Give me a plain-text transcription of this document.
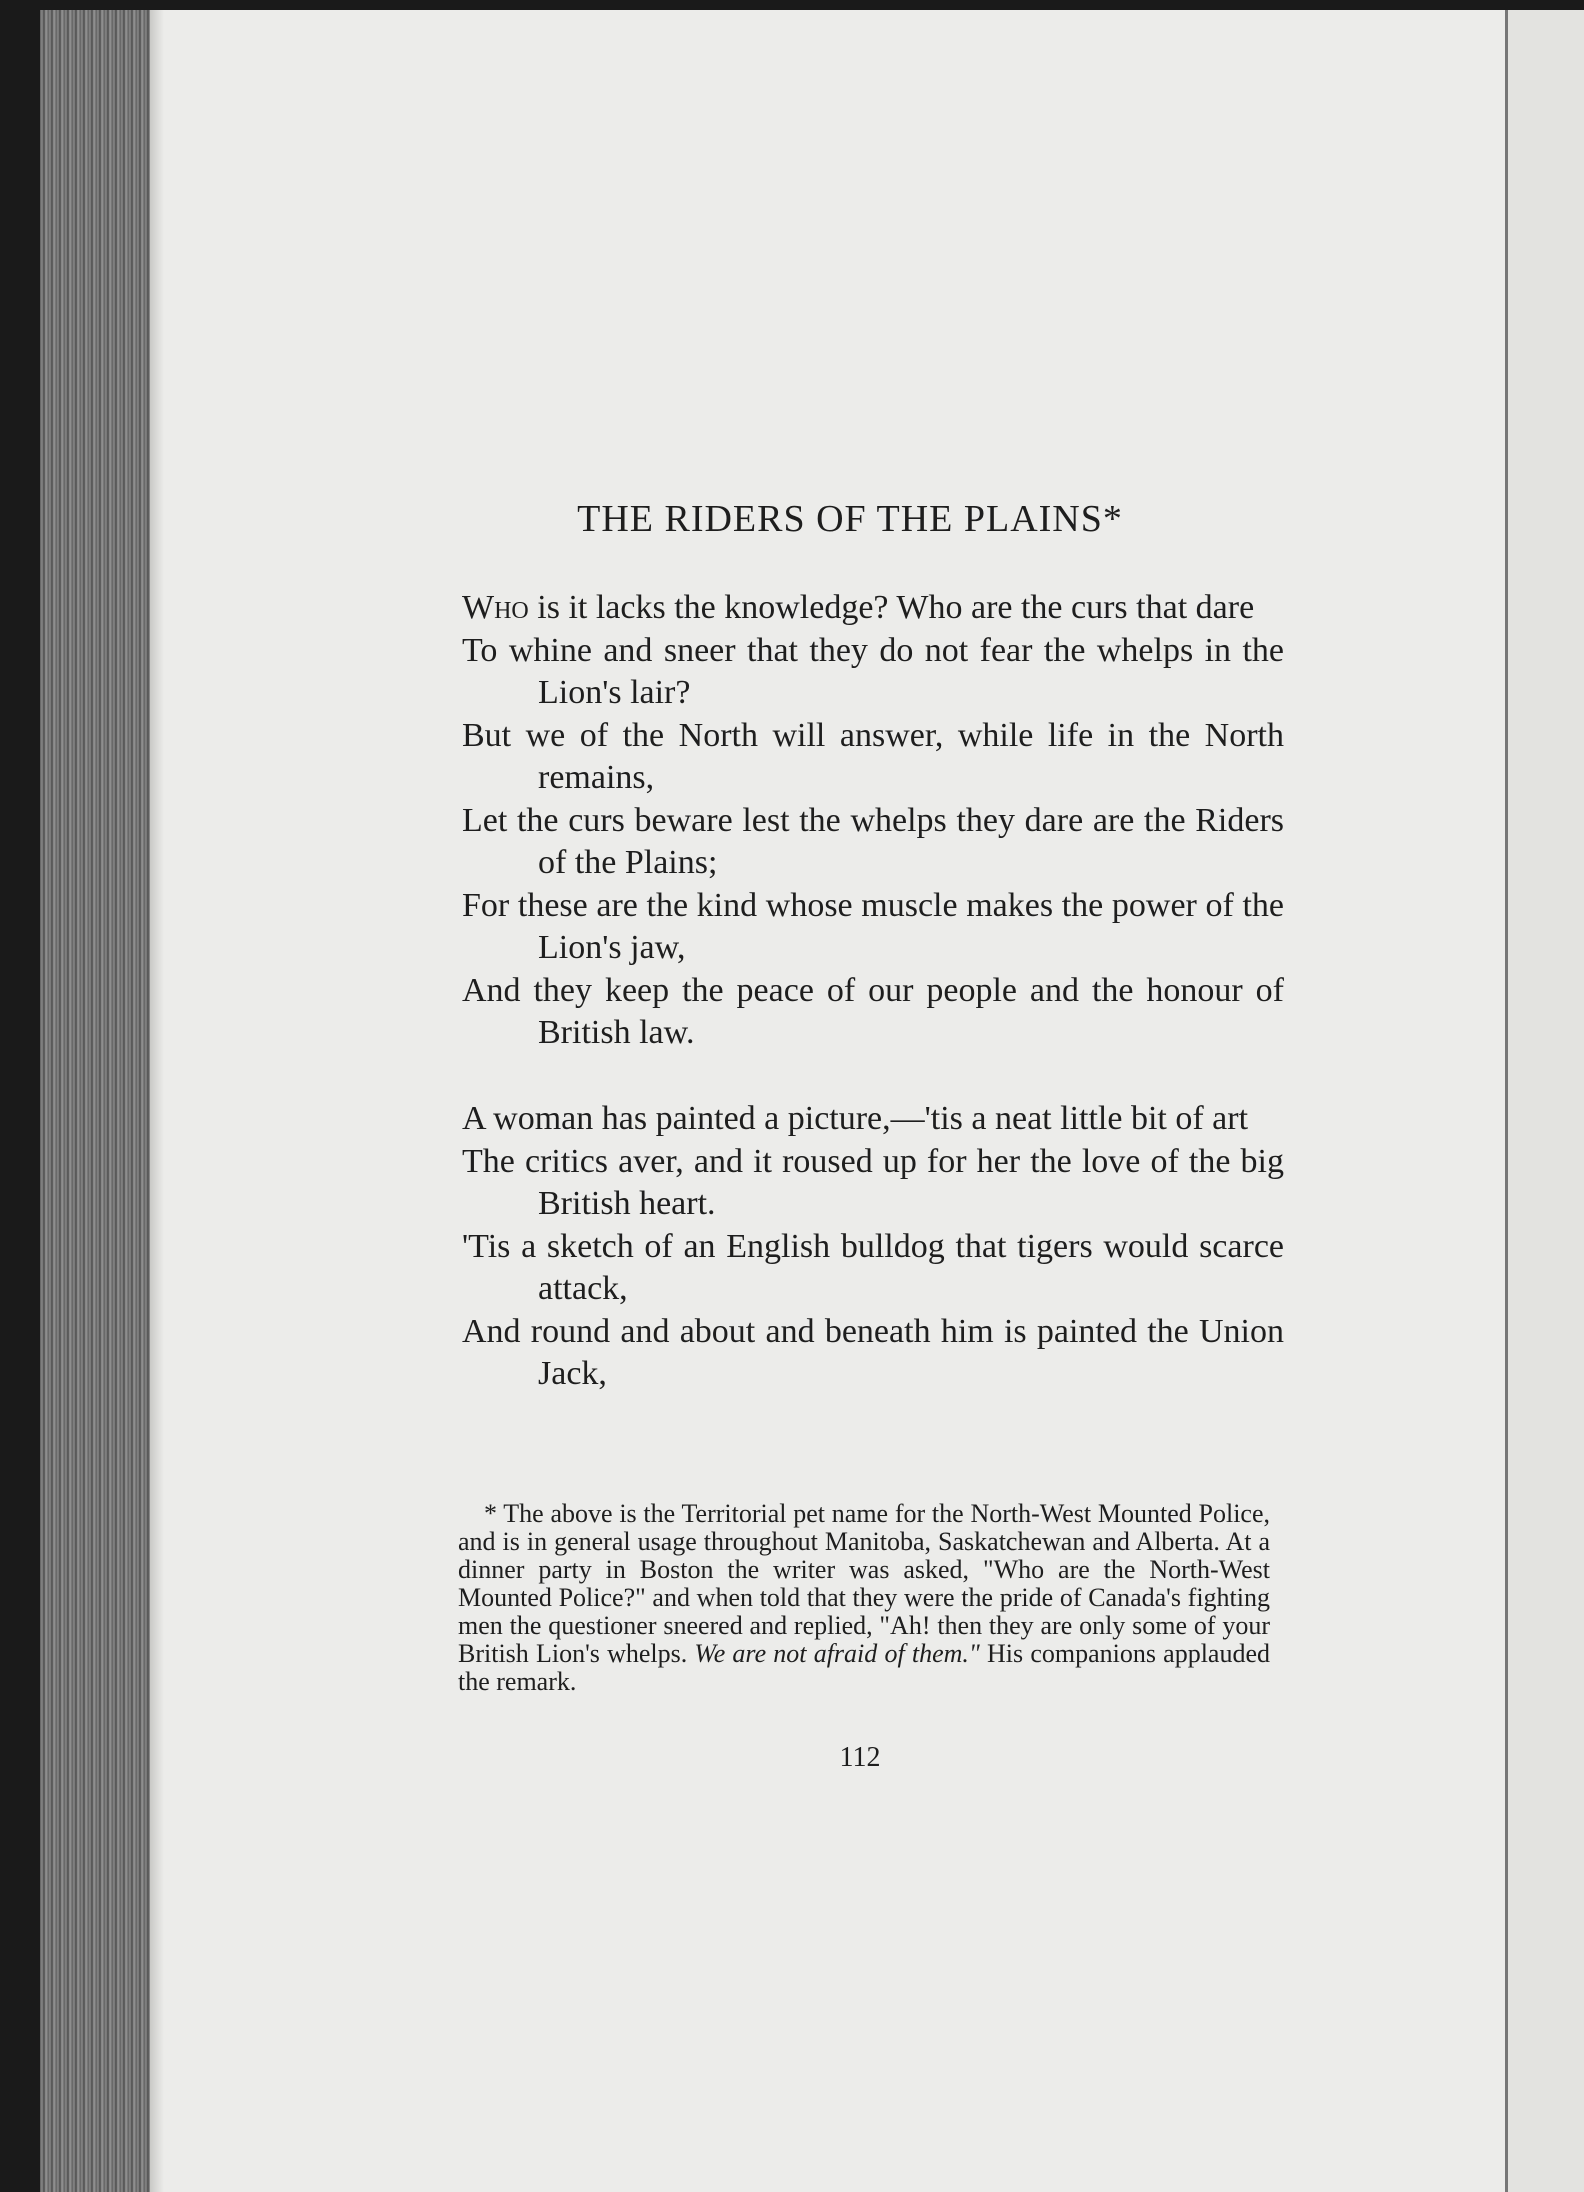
THE RIDERS OF THE PLAINS*
Who is it lacks the knowledge? Who are the curs that dare
To whine and sneer that they do not fear the whelps in the Lion's lair?
But we of the North will answer, while life in the North remains,
Let the curs beware lest the whelps they dare are the Riders of the Plains;
For these are the kind whose muscle makes the power of the Lion's jaw,
And they keep the peace of our people and the honour of British law.
A woman has painted a picture,—'tis a neat little bit of art
The critics aver, and it roused up for her the love of the big British heart.
'Tis a sketch of an English bulldog that tigers would scarce attack,
And round and about and beneath him is painted the Union Jack,

* The above is the Territorial pet name for the North-West Mounted Police, and is in general usage throughout Manitoba, Saskatchewan and Alberta. At a dinner party in Boston the writer was asked, "Who are the North-West Mounted Police?" and when told that they were the pride of Canada's fighting men the questioner sneered and replied, "Ah! then they are only some of your British Lion's whelps. We are not afraid of them." His companions applauded the remark.

112
